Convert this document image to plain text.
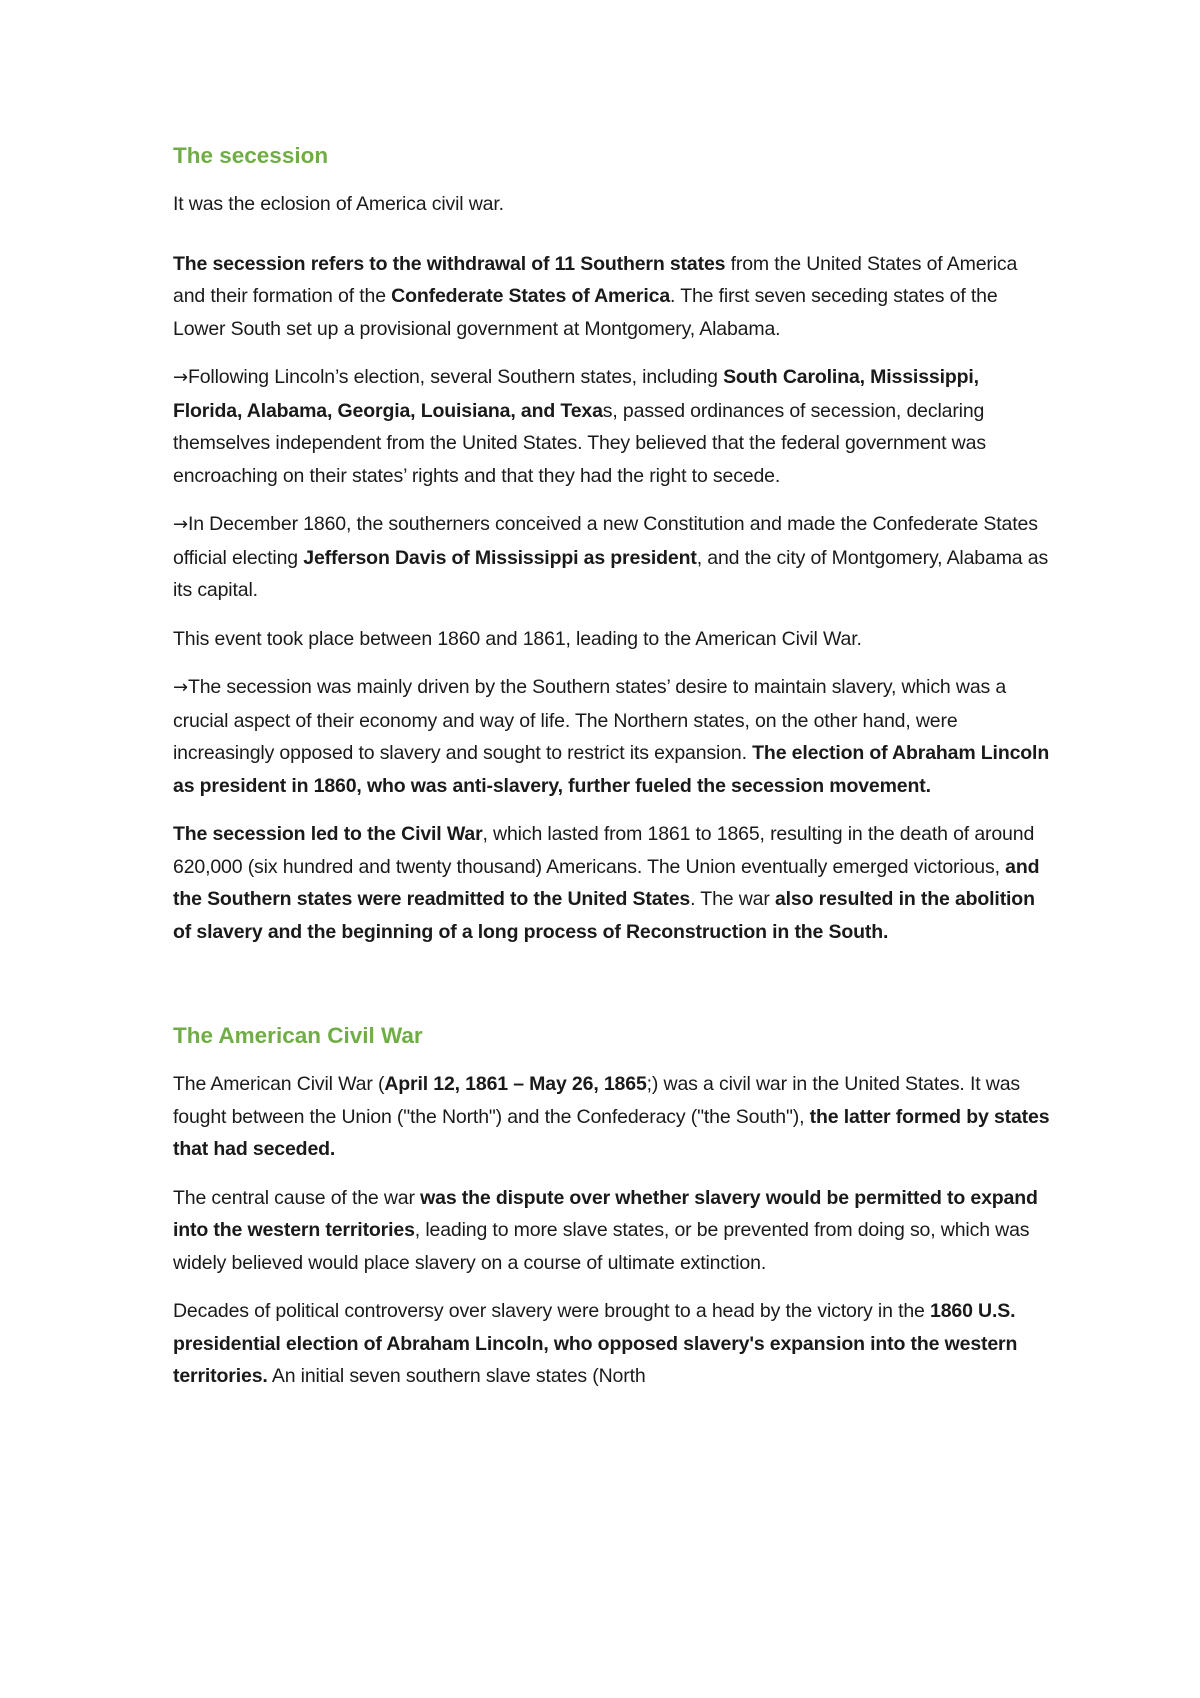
The secession

It was the eclosion of America civil war.

The secession refers to the withdrawal of 11 Southern states from the United States of America and their formation of the Confederate States of America. The first seven seceding states of the Lower South set up a provisional government at Montgomery, Alabama.

→Following Lincoln’s election, several Southern states, including South Carolina, Mississippi, Florida, Alabama, Georgia, Louisiana, and Texas, passed ordinances of secession, declaring themselves independent from the United States. They believed that the federal government was encroaching on their states’ rights and that they had the right to secede.

→In December 1860, the southerners conceived a new Constitution and made the Confederate States official electing Jefferson Davis of Mississippi as president, and the city of Montgomery, Alabama as its capital.

This event took place between 1860 and 1861, leading to the American Civil War.

→The secession was mainly driven by the Southern states’ desire to maintain slavery, which was a crucial aspect of their economy and way of life. The Northern states, on the other hand, were increasingly opposed to slavery and sought to restrict its expansion. The election of Abraham Lincoln as president in 1860, who was anti-slavery, further fueled the secession movement.

The secession led to the Civil War, which lasted from 1861 to 1865, resulting in the death of around 620,000 (six hundred and twenty thousand) Americans. The Union eventually emerged victorious, and the Southern states were readmitted to the United States. The war also resulted in the abolition of slavery and the beginning of a long process of Reconstruction in the South.

The American Civil War

The American Civil War (April 12, 1861 – May 26, 1865;) was a civil war in the United States. It was fought between the Union ("the North") and the Confederacy ("the South"), the latter formed by states that had seceded.

The central cause of the war was the dispute over whether slavery would be permitted to expand into the western territories, leading to more slave states, or be prevented from doing so, which was widely believed would place slavery on a course of ultimate extinction.

Decades of political controversy over slavery were brought to a head by the victory in the 1860 U.S. presidential election of Abraham Lincoln, who opposed slavery's expansion into the western territories. An initial seven southern slave states (North
